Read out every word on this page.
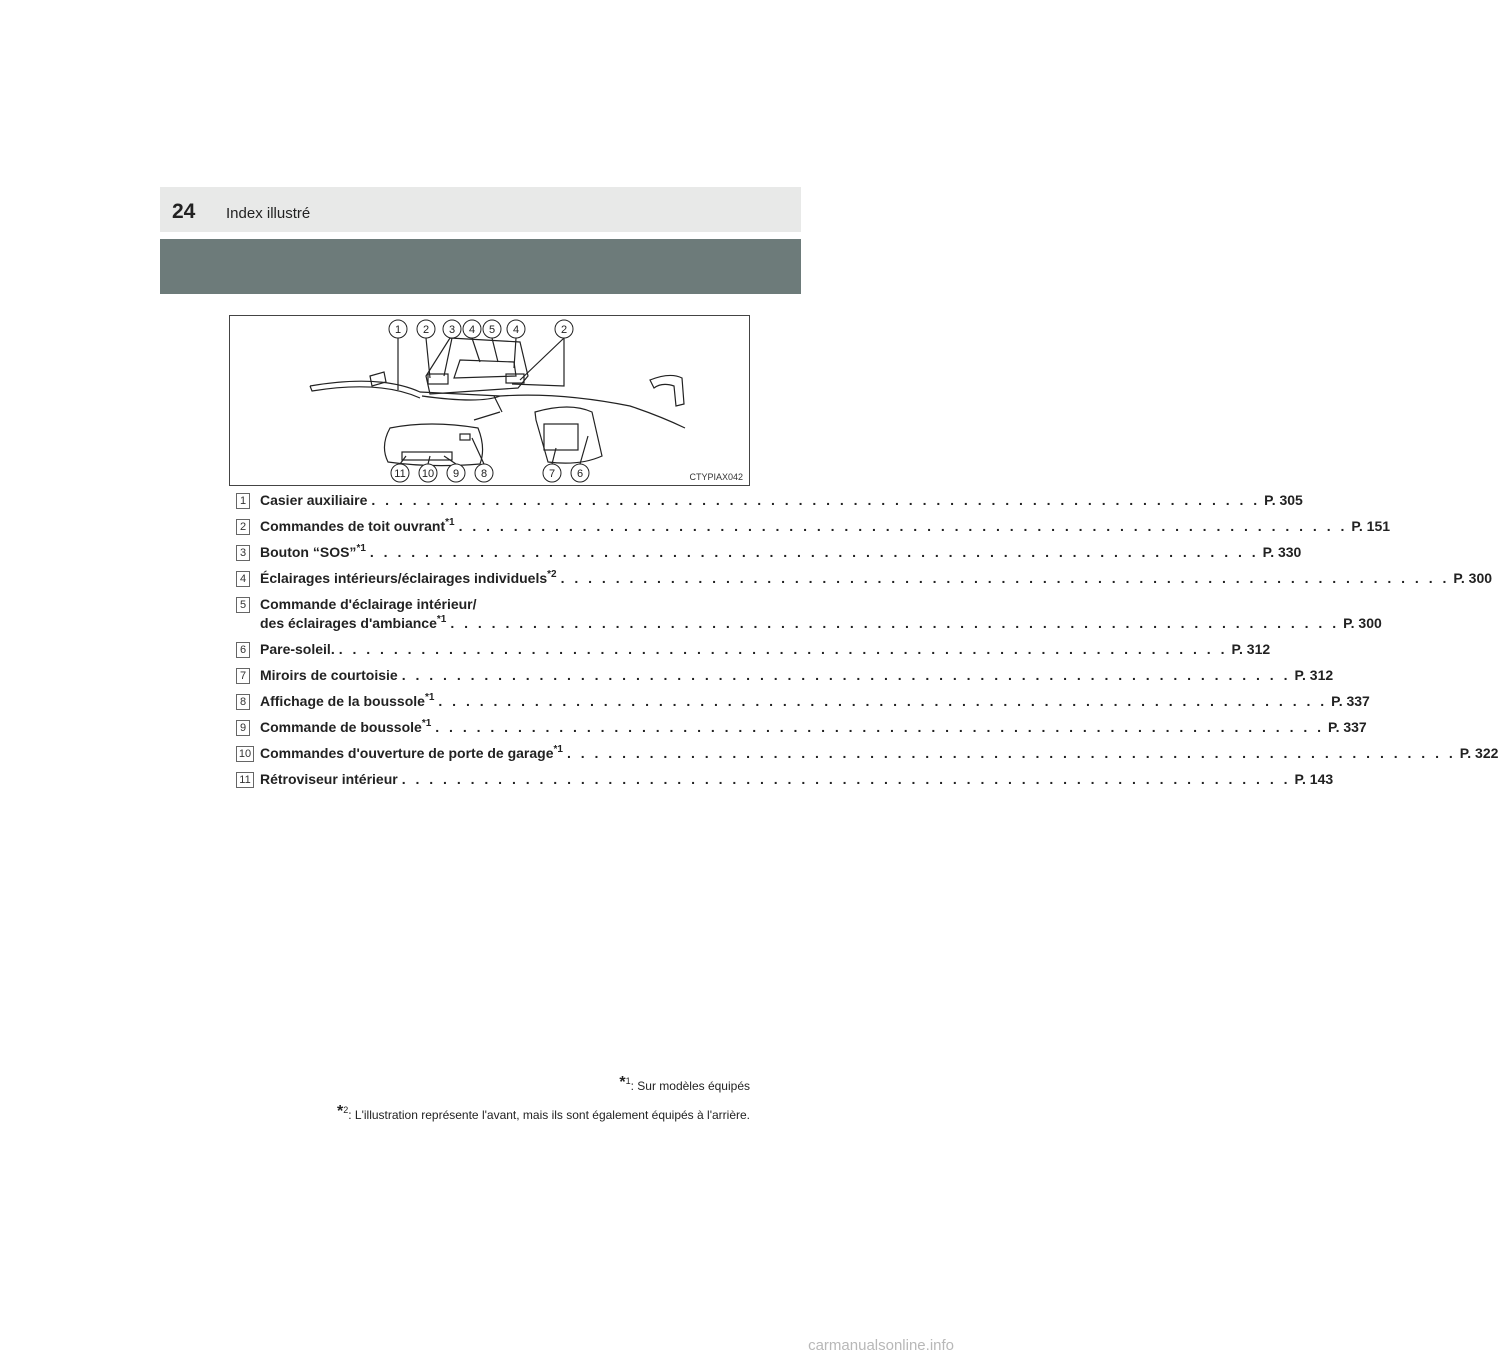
24 Index illustré
1 2 3 4 5 4	2
11 10 9 8	7 6	CTYPIAX042
1 Casier auxiliaire . . .	P. 305
2 Commandes de toit ouvrant$^{*1}$ . . .	P. 151
3 Bouton “SOS”$^{*1}$ . . .	P. 330
4 Éclairages intérieurs/éclairages individuels$^{*2}$ . . .	P. 300
5 Commande d'éclairage intérieur/
des éclairages d'ambiance$^{*1}$ . . .	P. 300
6 Pare-soleil. . . .	P. 312
7 Miroirs de courtoisie . . .	P. 312
8 Affichage de la boussole$^{*1}$ . . .	P. 337
9 Commande de boussole$^{*1}$ . . .	P. 337
10 Commandes d'ouverture de porte de garage$^{*1}$ . . .	P. 322
11 Rétroviseur intérieur . . .	P. 143
*$^1$: Sur modèles équipés
*$^2$: L'illustration représente l'avant, mais ils sont également équipés à l'arrière.
carmanualsonline.info
